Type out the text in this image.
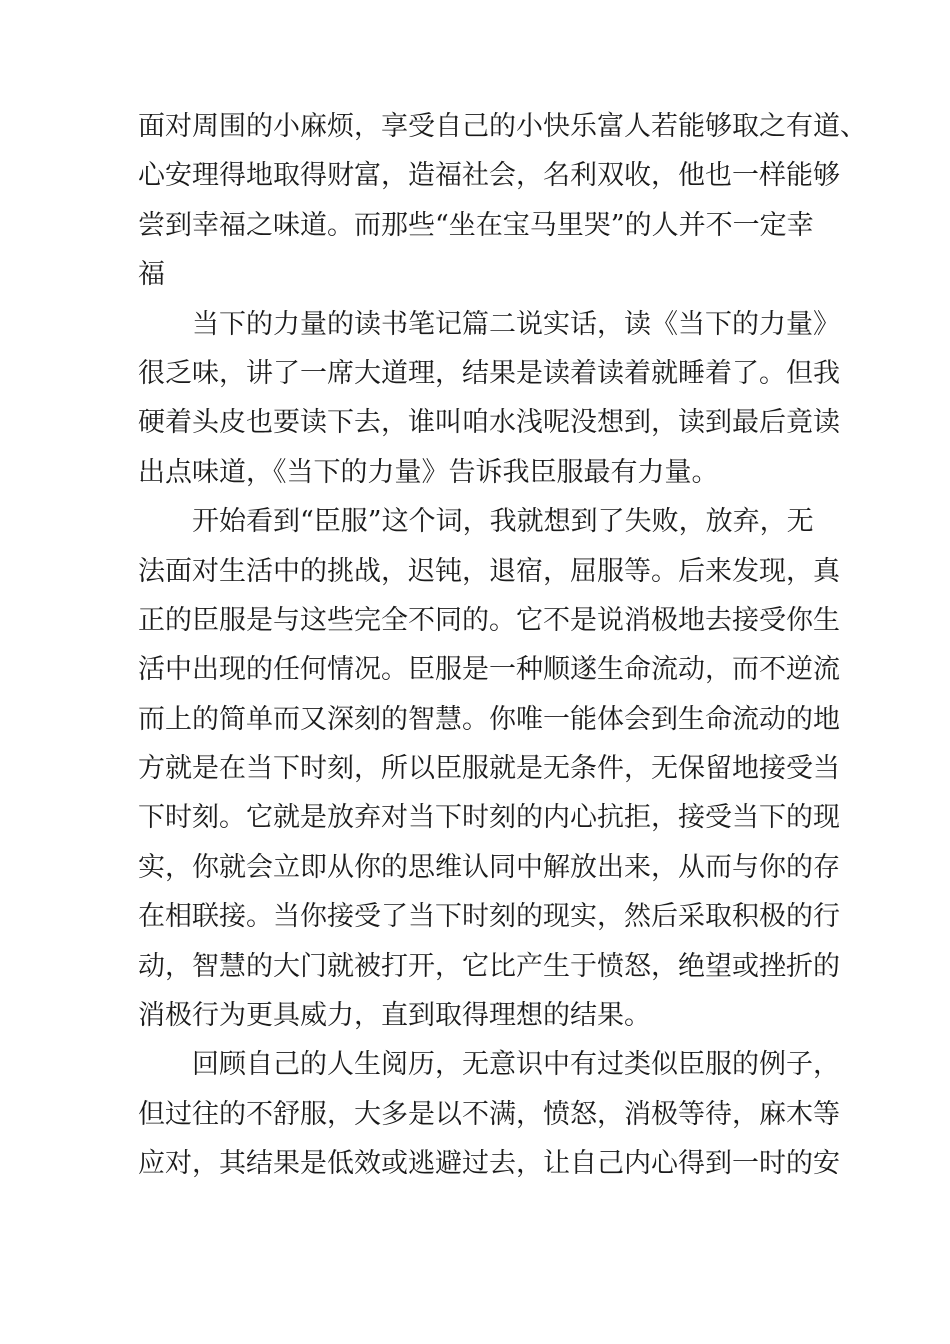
面对周围的小麻烦，享受自己的小快乐富人若能够取之有道、
心安理得地取得财富，造福社会，名利双收，他也一样能够
尝到幸福之味道。而那些“坐在宝马里哭”的人并不一定幸
福
当下的力量的读书笔记篇二说实话，读《当下的力量》
很乏味，讲了一席大道理，结果是读着读着就睡着了。但我
硬着头皮也要读下去，谁叫咱水浅呢没想到，读到最后竟读
出点味道，《当下的力量》告诉我臣服最有力量。
开始看到“臣服”这个词，我就想到了失败，放弃，无
法面对生活中的挑战，迟钝，退宿，屈服等。后来发现，真
正的臣服是与这些完全不同的。它不是说消极地去接受你生
活中出现的任何情况。臣服是一种顺遂生命流动，而不逆流
而上的简单而又深刻的智慧。你唯一能体会到生命流动的地
方就是在当下时刻，所以臣服就是无条件，无保留地接受当
下时刻。它就是放弃对当下时刻的内心抗拒，接受当下的现
实，你就会立即从你的思维认同中解放出来，从而与你的存
在相联接。当你接受了当下时刻的现实，然后采取积极的行
动，智慧的大门就被打开，它比产生于愤怒，绝望或挫折的
消极行为更具威力，直到取得理想的结果。
回顾自己的人生阅历，无意识中有过类似臣服的例子，
但过往的不舒服，大多是以不满，愤怒，消极等待，麻木等
应对，其结果是低效或逃避过去，让自己内心得到一时的安
